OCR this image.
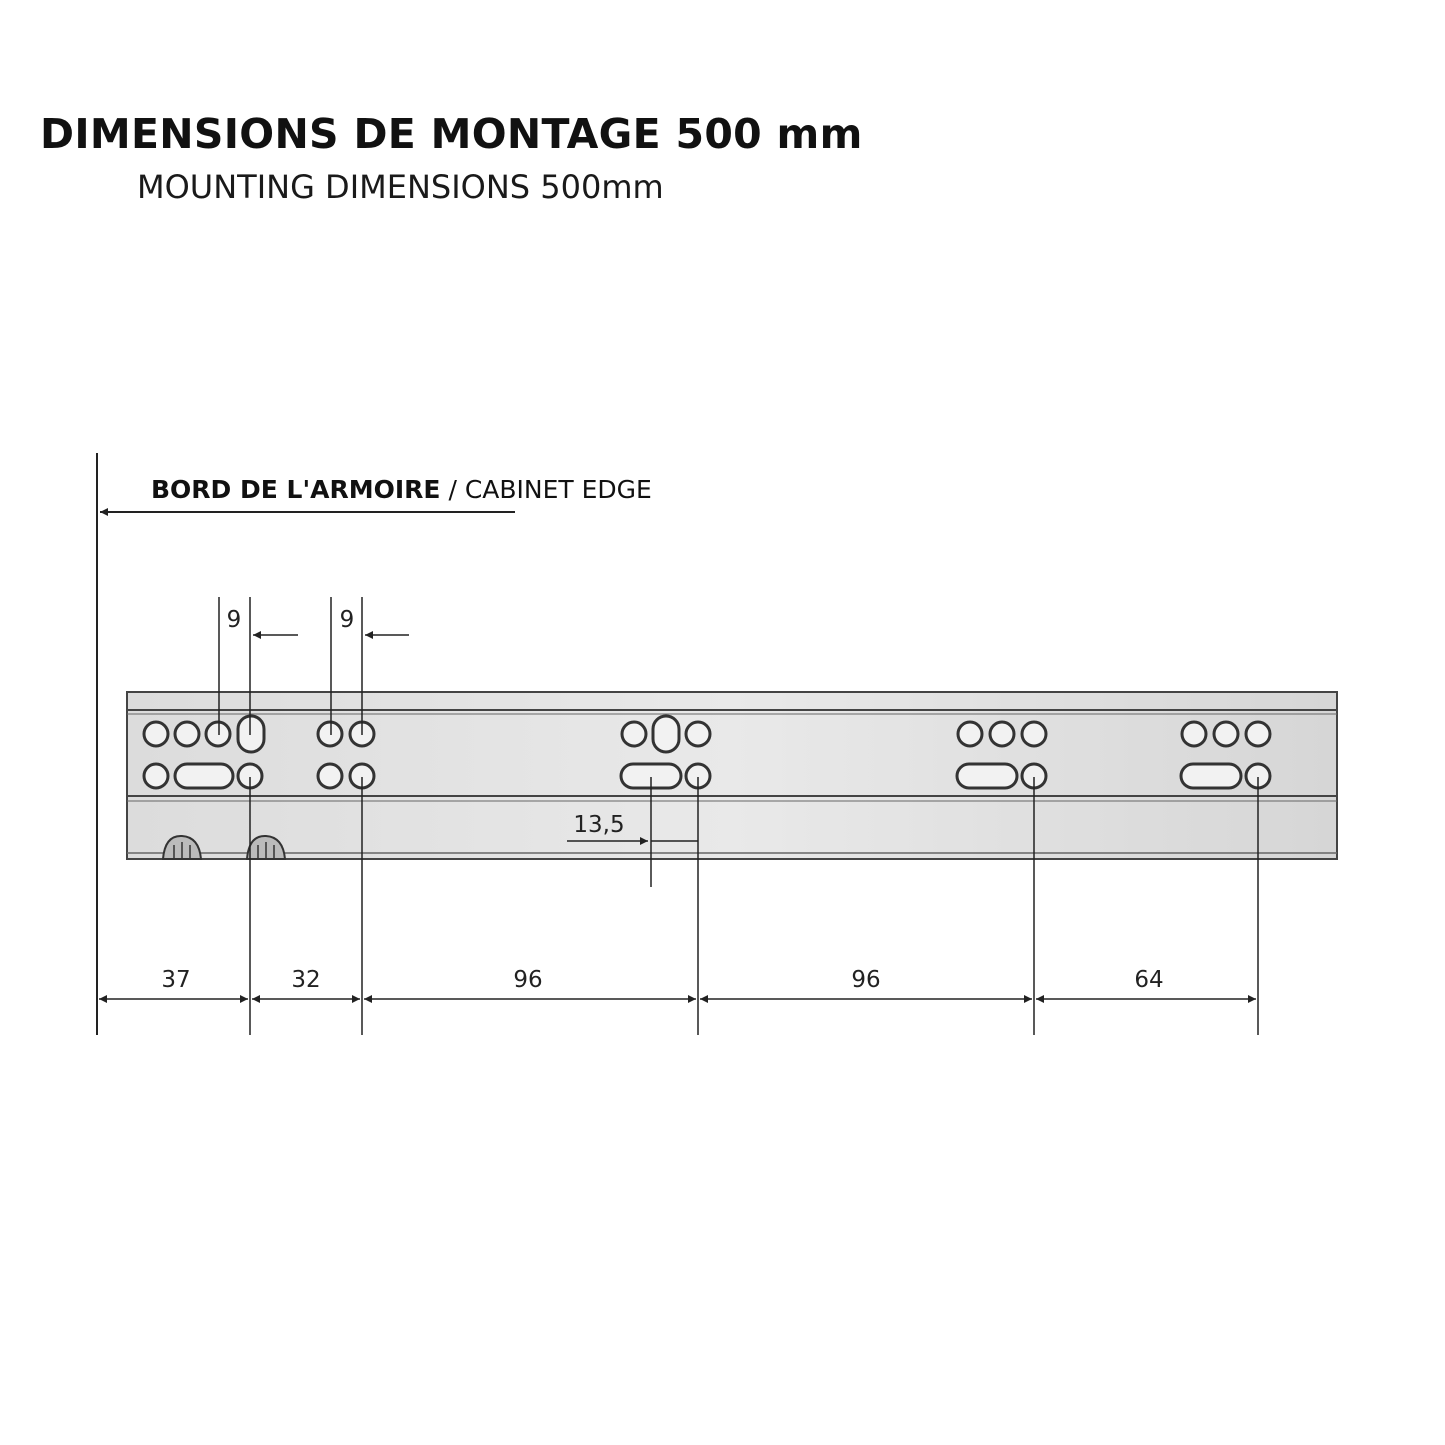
DIMENSIONS DE MONTAGE 500 mm
MOUNTING DIMENSIONS 500mm
BORD DE L'ARMOIRE / CABINET EDGE
9	9
13,5
37	32	96	96	64
